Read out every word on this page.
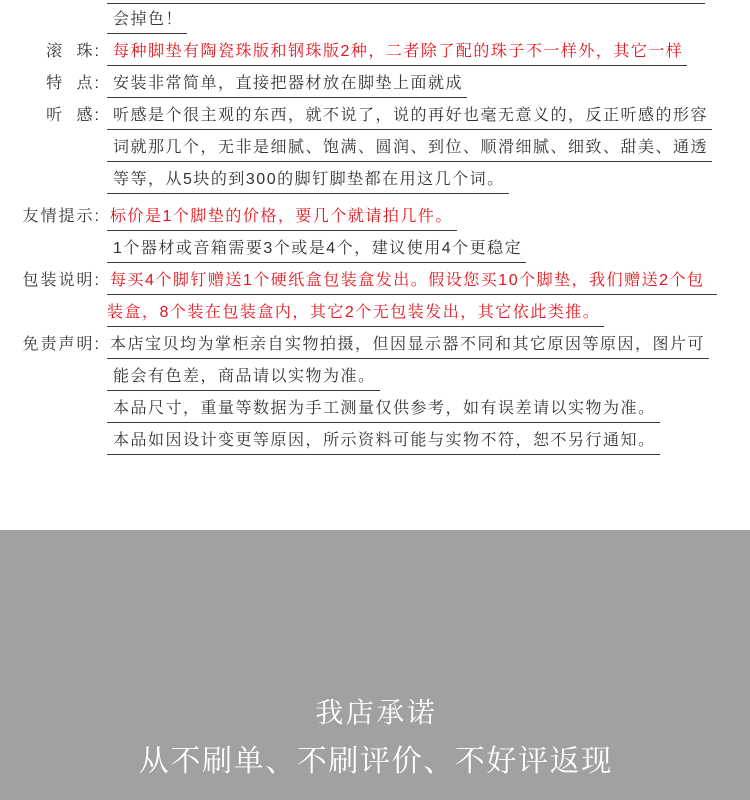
会掉色！
滚 珠: 每种脚垫有陶瓷珠版和钢珠版2种，二者除了配的珠子不一样外，其它一样
特 点: 安装非常简单，直接把器材放在脚垫上面就成
听 感: 听感是个很主观的东西，就不说了，说的再好也毫无意义的，反正听感的形容
词就那几个，无非是细腻、饱满、圆润、到位、顺滑细腻、细致、甜美、通透
等等，从5块的到300的脚钉脚垫都在用这几个词。
友情提示: 标价是1个脚垫的价格，要几个就请拍几件。
1个器材或音箱需要3个或是4个，建议使用4个更稳定
包装说明: 每买4个脚钉赠送1个硬纸盒包装盒发出。假设您买10个脚垫，我们赠送2个包
装盒，8个装在包装盒内，其它2个无包装发出，其它依此类推。
免责声明: 本店宝贝均为掌柜亲自实物拍摄，但因显示器不同和其它原因等原因，图片可
能会有色差，商品请以实物为准。
本品尺寸，重量等数据为手工测量仅供参考，如有误差请以实物为准。
本品如因设计变更等原因，所示资料可能与实物不符，恕不另行通知。
我店承诺
从不刷单、不刷评价、不好评返现
